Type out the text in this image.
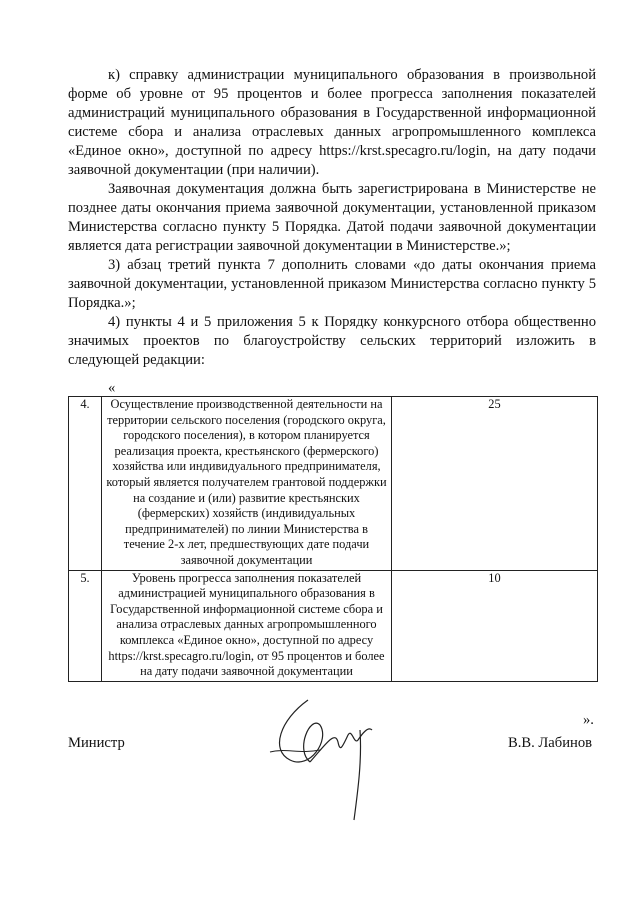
к) справку администрации муниципального образования в произвольной форме об уровне от 95 процентов и более прогресса заполнения показателей администраций муниципального образования в Государственной информационной системе сбора и анализа отраслевых данных агропромышленного комплекса «Единое окно», доступной по адресу https://krst.specagro.ru/login, на дату подачи заявочной документации (при наличии).

Заявочная документация должна быть зарегистрирована в Министерстве не позднее даты окончания приема заявочной документации, установленной приказом Министерства согласно пункту 5 Порядка. Датой подачи заявочной документации является дата регистрации заявочной документации в Министерстве.»;

3) абзац третий пункта 7 дополнить словами «до даты окончания приема заявочной документации, установленной приказом Министерства согласно пункту 5 Порядка.»;

4) пункты 4 и 5 приложения 5 к Порядку конкурсного отбора общественно значимых проектов по благоустройству сельских территорий изложить в следующей редакции:

«
4.	Осуществление производственной деятельности на территории сельского поселения (городского округа, городского поселения), в котором планируется реализация проекта, крестьянского (фермерского) хозяйства или индивидуального предпринимателя, который является получателем грантовой поддержки на создание и (или) развитие крестьянских (фермерских) хозяйств (индивидуальных предпринимателей) по линии Министерства в течение 2-х лет, предшествующих дате подачи заявочной документации	25
5.	Уровень прогресса заполнения показателей администрацией муниципального образования в Государственной информационной системе сбора и анализа отраслевых данных агропромышленного комплекса «Единое окно», доступной по адресу https://krst.specagro.ru/login, от 95 процентов и более на дату подачи заявочной документации	10
».
Министр	В.В. Лабинов
